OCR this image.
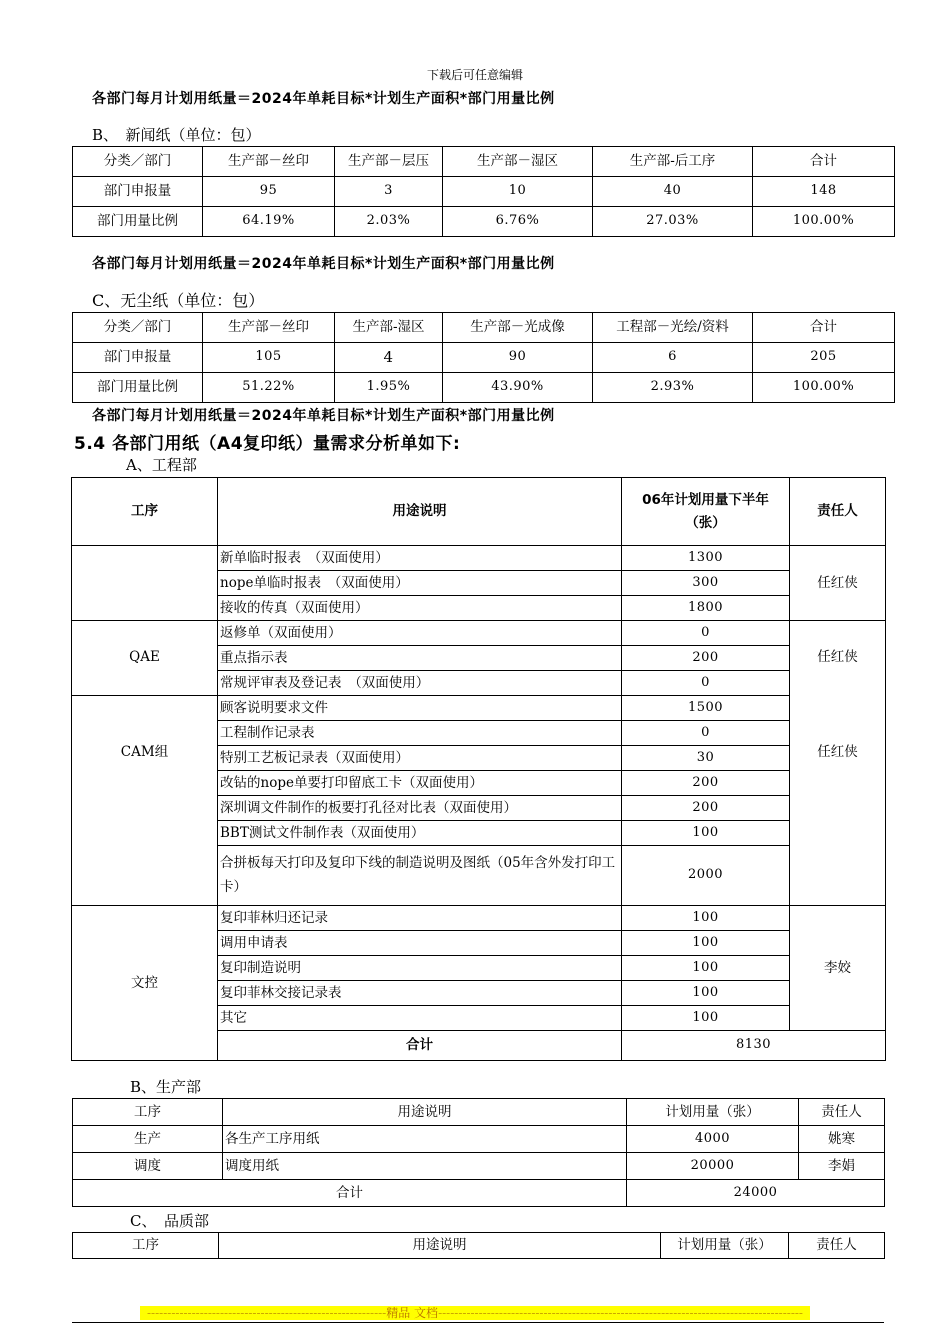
下载后可任意编辑
各部门每月计划用纸量＝2024年单耗目标*计划生产面积*部门用量比例
B、　新闻纸（单位：包）
分类／部门	生产部－丝印	生产部－层压	生产部－湿区	生产部-后工序	合计
部门申报量	95	3	10	40	148
部门用量比例	64.19%	2.03%	6.76%	27.03%	100.00%
各部门每月计划用纸量＝2024年单耗目标*计划生产面积*部门用量比例
C、无尘纸（单位：包）
分类／部门	生产部－丝印	生产部-湿区	生产部－光成像	工程部－光绘/资料	合计
部门申报量	105	4	90	6	205
部门用量比例	51.22%	1.95%	43.90%	2.93%	100.00%
各部门每月计划用纸量＝2024年单耗目标*计划生产面积*部门用量比例
5.4 各部门用纸（A4复印纸）量需求分析单如下:
A、工程部
工序	用途说明	06年计划用量下半年（张）	责任人
	新单临时报表　（双面使用）	1300	任红侠
	nope单临时报表　（双面使用）	300	
	接收的传真（双面使用）	1800	
QAE	返修单（双面使用）	0	任红侠
	重点指示表	200	
	常规评审表及登记表　（双面使用）	0	
CAM组	顾客说明要求文件	1500	任红侠
	工程制作记录表	0	
	特别工艺板记录表（双面使用）	30	
	改钻的nope单要打印留底工卡（双面使用）	200	
	深圳调文件制作的板要打孔径对比表（双面使用）	200	
	BBT测试文件制作表（双面使用）	100	
	合拼板每天打印及复印下线的制造说明及图纸（05年含外发打印工卡）	2000	
文控	复印菲林归还记录	100	李姣
	调用申请表	100	
	复印制造说明	100	
	复印菲林交接记录表	100	
	其它	100	
	合计	8130	
B、生产部
工序	用途说明	计划用量（张）	责任人
生产	各生产工序用纸	4000	姚寒
调度	调度用纸	20000	李娟
合计		24000	
C、　品质部
工序	用途说明	计划用量（张）	责任人
-----------------------------------------------------------精品 文档------------------------------------------------------------------------------------------
